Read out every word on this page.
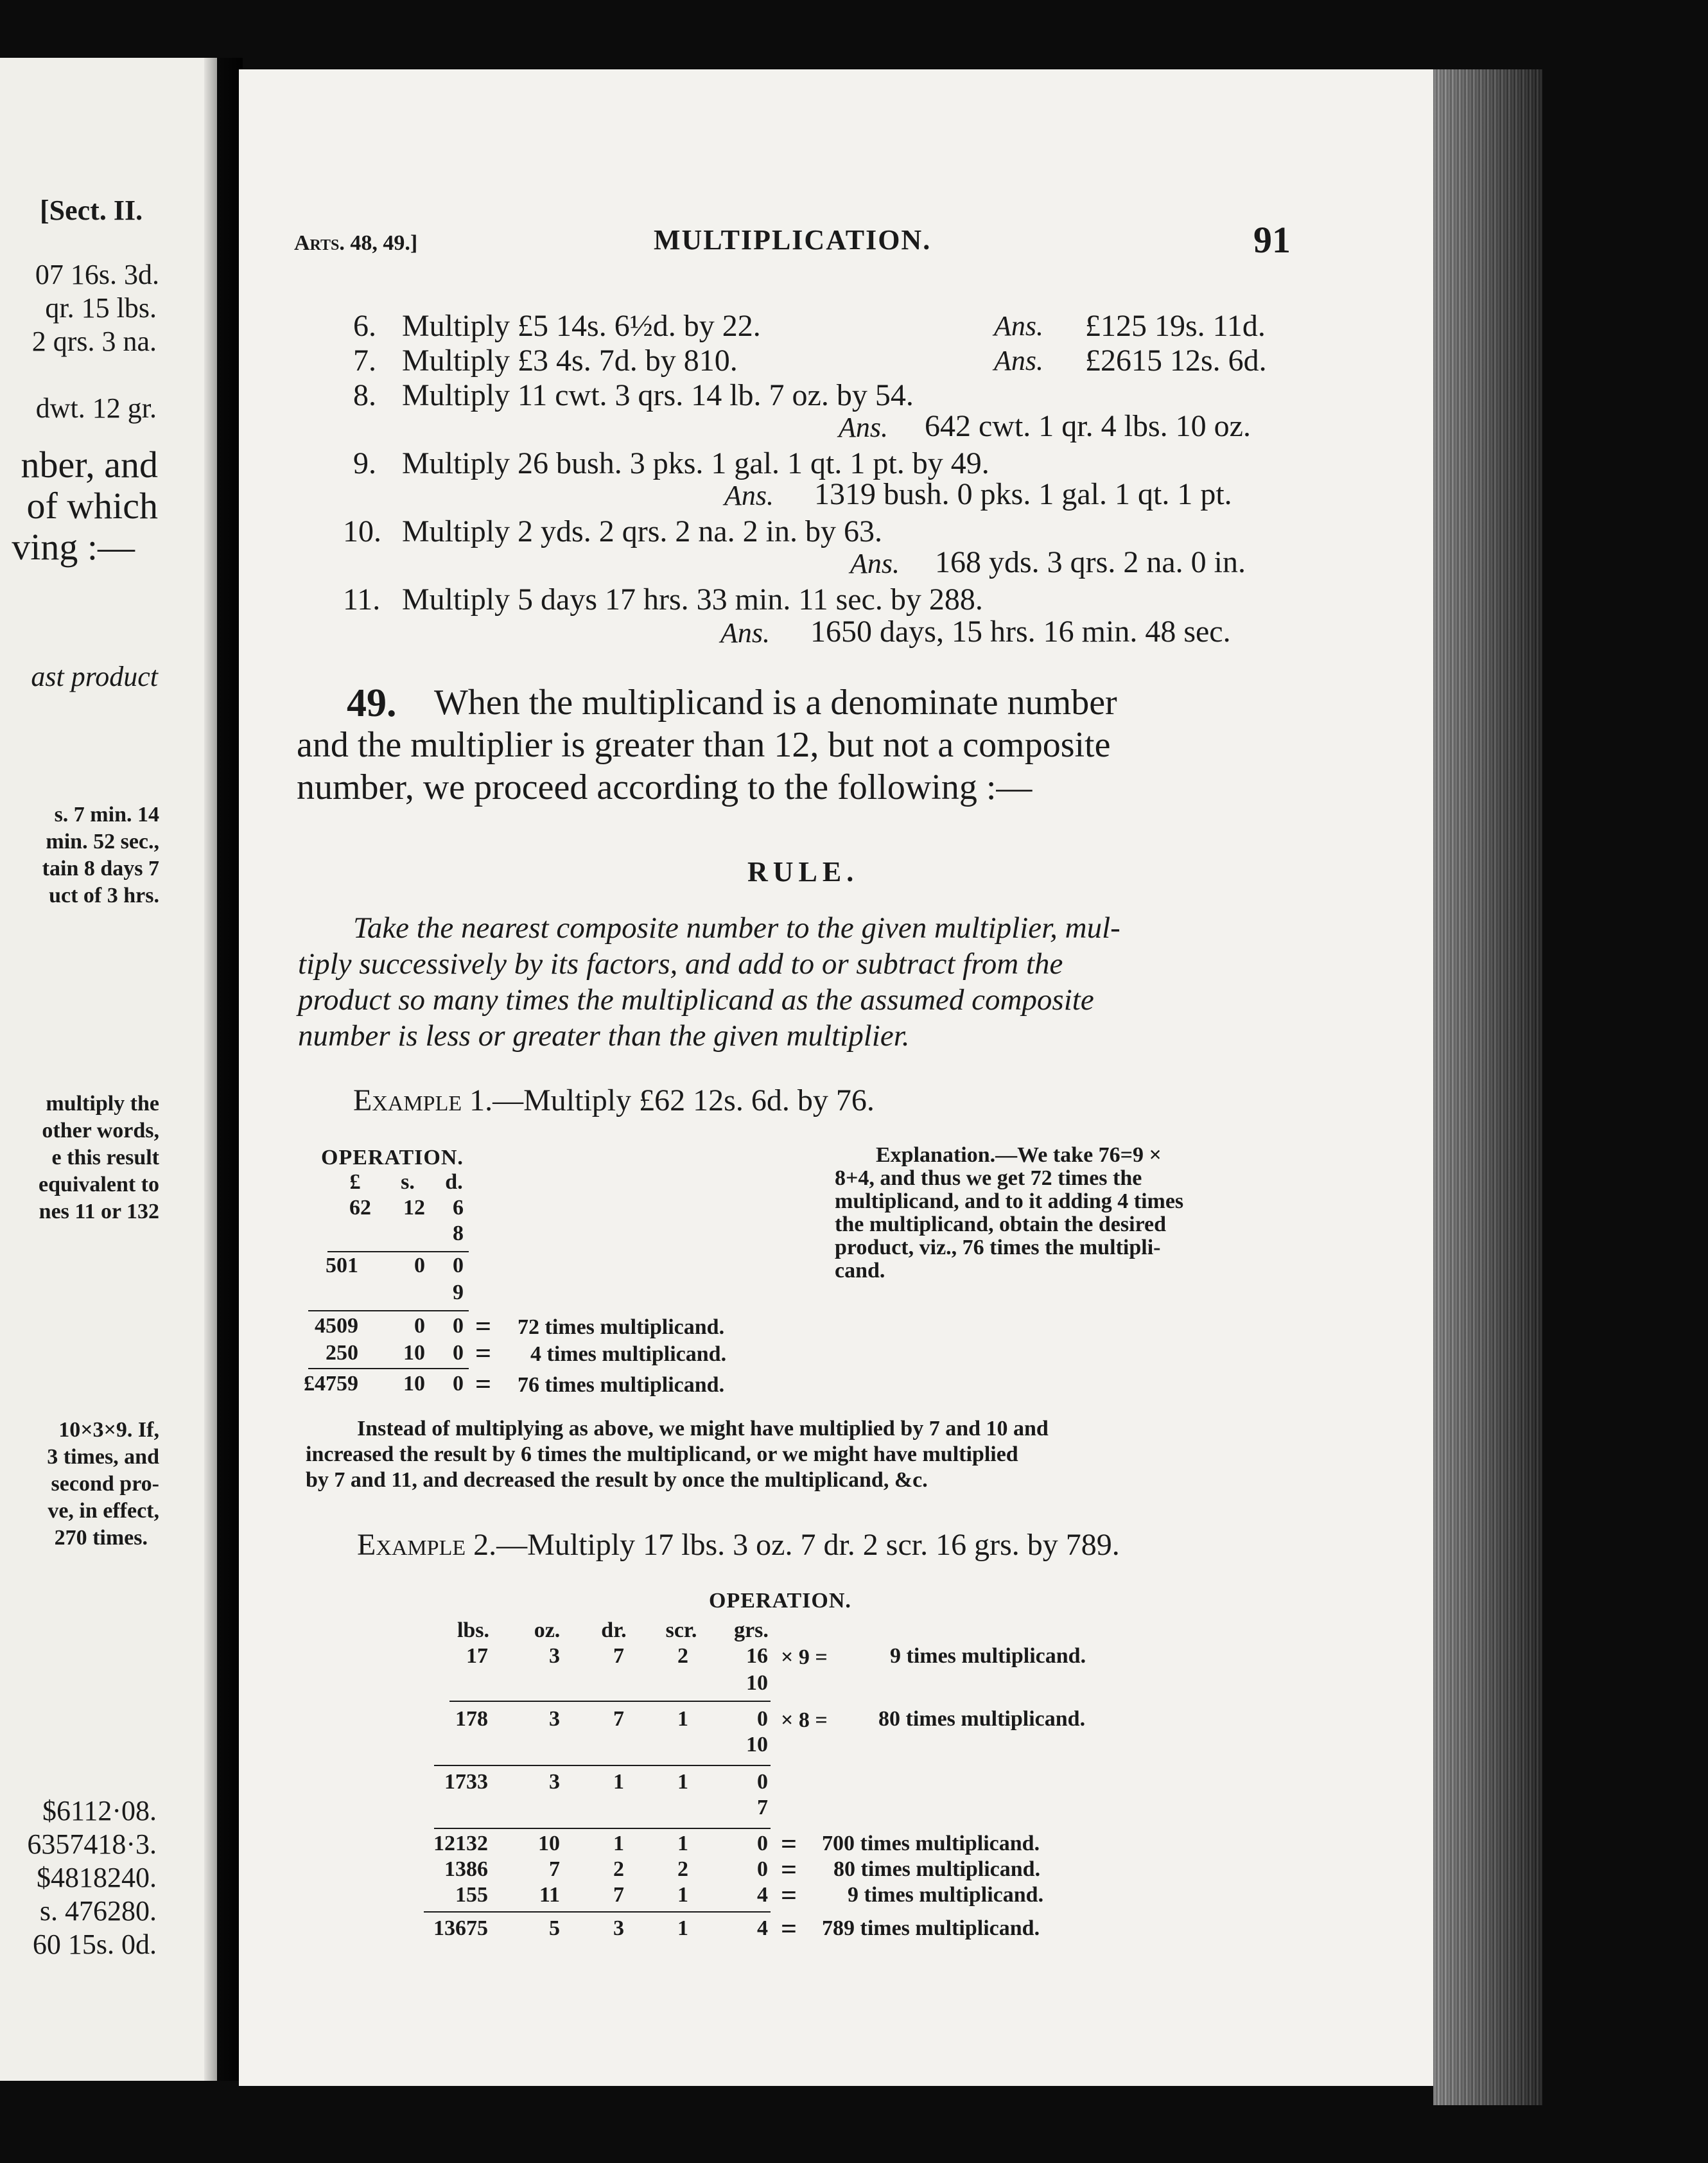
[Sect. II.
07 16s. 3d.
qr. 15 lbs.
2 qrs. 3 na.
dwt. 12 gr.
nber, and
of which
ving :—
ast product
s. 7 min. 14
min. 52 sec.,
tain 8 days 7
uct of 3 hrs.
multiply the
other words,
e this result
equivalent to
nes 11 or 132
10×3×9. If,
3 times, and
second pro-
ve, in effect,
270 times.
$6112·08.
6357418·3.
$4818240.
s. 476280.
60 15s. 0d.
Arts. 48, 49.]	MULTIPLICATION.	91
6. Multiply £5 14s. 6½d. by 22.	Ans. £125 19s. 11d.
7. Multiply £3 4s. 7d. by 810.	Ans. £2615 12s. 6d.
8. Multiply 11 cwt. 3 qrs. 14 lb. 7 oz. by 54.
Ans. 642 cwt. 1 qr. 4 lbs. 10 oz.
9. Multiply 26 bush. 3 pks. 1 gal. 1 qt. 1 pt. by 49.
Ans. 1319 bush. 0 pks. 1 gal. 1 qt. 1 pt.
10. Multiply 2 yds. 2 qrs. 2 na. 2 in. by 63.
Ans. 168 yds. 3 qrs. 2 na. 0 in.
11. Multiply 5 days 17 hrs. 33 min. 11 sec. by 288.
Ans. 1650 days, 15 hrs. 16 min. 48 sec.
49. When the multiplicand is a denominate number
and the multiplier is greater than 12, but not a composite
number, we proceed according to the following :—
RULE.
Take the nearest composite number to the given multiplier, mul-
tiply successively by its factors, and add to or subtract from the
product so many times the multiplicand as the assumed composite
number is less or greater than the given multiplier.
Example 1.—Multiply £62 12s. 6d. by 76.
OPERATION.
£	s.	d.
62	12	6
8
501	0	0
9
4509	0	0 = 72 times multiplicand.
250	10	0 = 4 times multiplicand.
£4759	10	0 = 76 times multiplicand.
Explanation.—We take 76=9 ×
8+4, and thus we get 72 times the
multiplicand, and to it adding 4 times
the multiplicand, obtain the desired
product, viz., 76 times the multipli-
cand.
Instead of multiplying as above, we might have multiplied by 7 and 10 and
increased the result by 6 times the multiplicand, or we might have multiplied
by 7 and 11, and decreased the result by once the multiplicand, &c.
Example 2.—Multiply 17 lbs. 3 oz. 7 dr. 2 scr. 16 grs. by 789.
OPERATION.
lbs.	oz.	dr.	scr.	grs.
17	3	7	2	16 × 9 =	9 times multiplicand.
10
178	3	7	1	0 × 8 = 80 times multiplicand.
10
1733	3	1	1	0
7
12132	10	1	1	0 = 700 times multiplicand.
1386	7	2	2	0 = 80 times multiplicand.
155	11	7	1	4 = 9 times multiplicand.
13675	5	3	1	4 = 789 times multiplicand.
